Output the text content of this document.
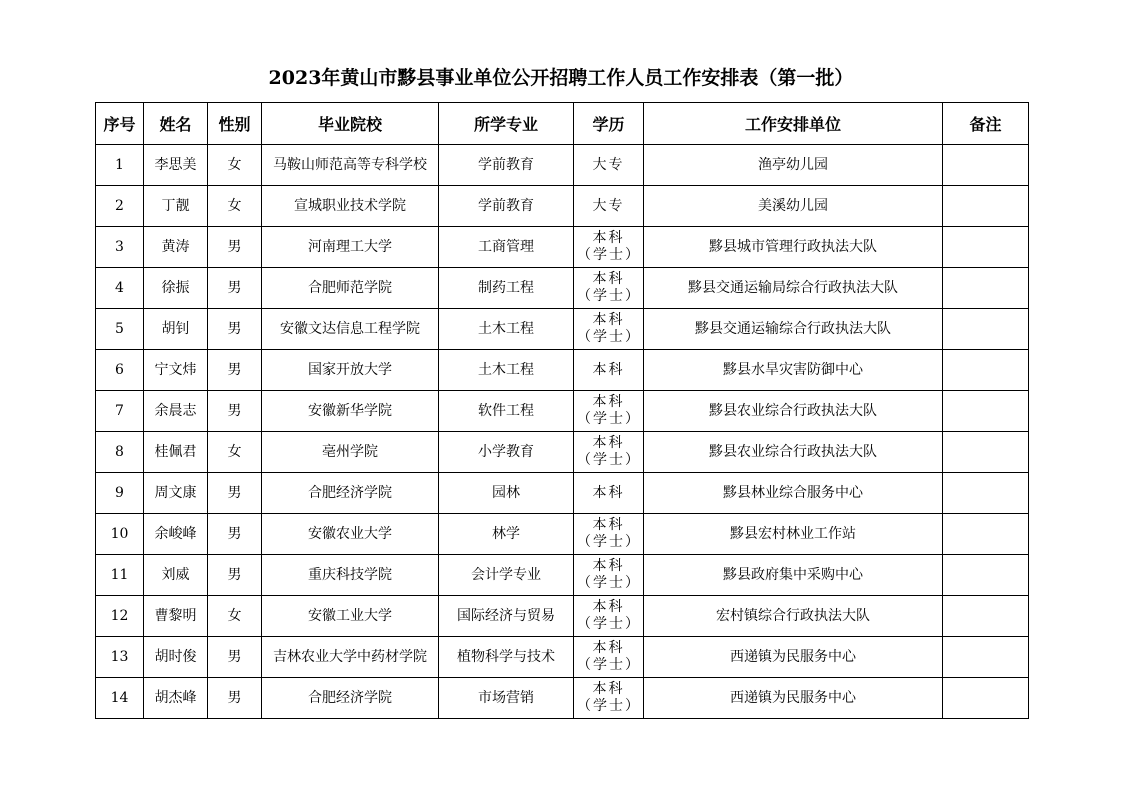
2023年黄山市黟县事业单位公开招聘工作人员工作安排表（第一批）
序号	姓名	性别	毕业院校	所学专业	学历	工作安排单位	备注
1	李思美	女	马鞍山师范高等专科学校	学前教育	大专	渔亭幼儿园	
2	丁靓	女	宣城职业技术学院	学前教育	大专	美溪幼儿园	
3	黄涛	男	河南理工大学	工商管理	本科（学士）	黟县城市管理行政执法大队	
4	徐振	男	合肥师范学院	制药工程	本科（学士）	黟县交通运输局综合行政执法大队	
5	胡钊	男	安徽文达信息工程学院	土木工程	本科（学士）	黟县交通运输综合行政执法大队	
6	宁文炜	男	国家开放大学	土木工程	本科	黟县水旱灾害防御中心	
7	余晨志	男	安徽新华学院	软件工程	本科（学士）	黟县农业综合行政执法大队	
8	桂佩君	女	亳州学院	小学教育	本科（学士）	黟县农业综合行政执法大队	
9	周文康	男	合肥经济学院	园林	本科	黟县林业综合服务中心	
10	余峻峰	男	安徽农业大学	林学	本科（学士）	黟县宏村林业工作站	
11	刘威	男	重庆科技学院	会计学专业	本科（学士）	黟县政府集中采购中心	
12	曹黎明	女	安徽工业大学	国际经济与贸易	本科（学士）	宏村镇综合行政执法大队	
13	胡时俊	男	吉林农业大学中药材学院	植物科学与技术	本科（学士）	西递镇为民服务中心	
14	胡杰峰	男	合肥经济学院	市场营销	本科（学士）	西递镇为民服务中心	
